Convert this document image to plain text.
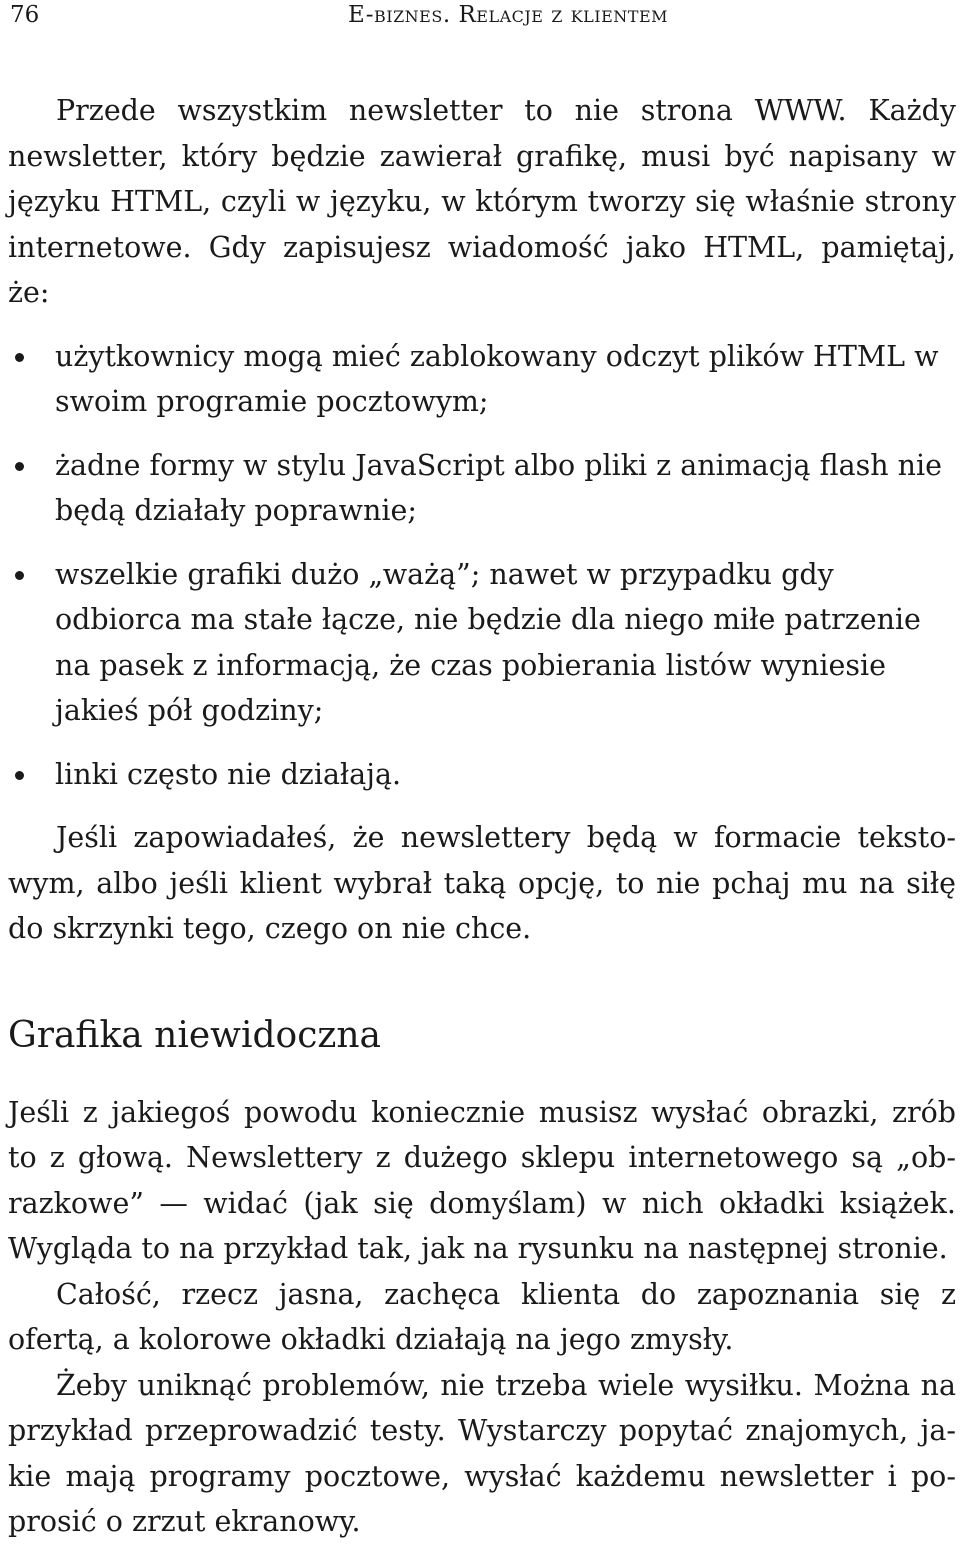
76	E-biznes. Relacje z klientem

Przede wszystkim newsletter to nie strona WWW. Każdy newsletter, który będzie zawierał grafikę, musi być napisany w języku HTML, czyli w języku, w którym tworzy się właśnie strony internetowe. Gdy zapisujesz wiadomość jako HTML, pamiętaj, że:

użytkownicy mogą mieć zablokowany odczyt plików HTML w swoim programie pocztowym;
żadne formy w stylu JavaScript albo pliki z animacją flash nie będą działały poprawnie;
wszelkie grafiki dużo „ważą”; nawet w przypadku gdy odbiorca ma stałe łącze, nie będzie dla niego miłe patrzenie na pasek z informacją, że czas pobierania listów wyniesie jakieś pół godziny;
linki często nie działają.

Jeśli zapowiadałeś, że newslettery będą w formacie tekstowym, albo jeśli klient wybrał taką opcję, to nie pchaj mu na siłę do skrzynki tego, czego on nie chce.

Grafika niewidoczna

Jeśli z jakiegoś powodu koniecznie musisz wysłać obrazki, zrób to z głową. Newslettery z dużego sklepu internetowego są „obrazkowe” — widać (jak się domyślam) w nich okładki książek. Wygląda to na przykład tak, jak na rysunku na następnej stronie.

Całość, rzecz jasna, zachęca klienta do zapoznania się z ofertą, a kolorowe okładki działają na jego zmysły.

Żeby uniknąć problemów, nie trzeba wiele wysiłku. Można na przykład przeprowadzić testy. Wystarczy popytać znajomych, jakie mają programy pocztowe, wysłać każdemu newsletter i poprosić o zrzut ekranowy.
